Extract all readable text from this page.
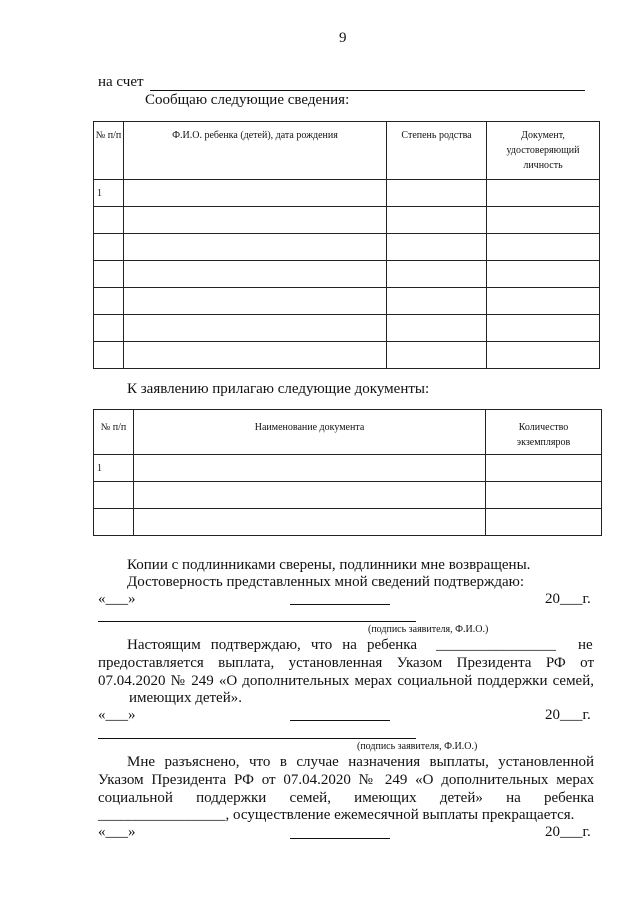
9
на счет
Сообщаю следующие сведения:
№ п/п	Ф.И.О. ребенка (детей), дата рождения	Степень родства	Документ, удостоверяющий личность
1			

К заявлению прилагаю следующие документы:
№ п/п	Наименование документа	Количество экземпляров
1		

Копии с подлинниками сверены, подлинники мне возвращены.
Достоверность представленных мной сведений подтверждаю:
«___»	20___г.
(подпись заявителя, Ф.И.О.)
Настоящим подтверждаю, что на ребенка ________________ не
предоставляется выплата, установленная Указом Президента РФ от
07.04.2020 № 249 «О дополнительных мерах социальной поддержки семей,
имеющих детей».
«___»	20___г.
(подпись заявителя, Ф.И.О.)
Мне разъяснено, что в случае назначения выплаты, установленной
Указом Президента РФ от 07.04.2020 № 249 «О дополнительных мерах
социальной поддержки семей, имеющих детей» на ребенка
_________________, осуществление ежемесячной выплаты прекращается.
«___»	20___г.
